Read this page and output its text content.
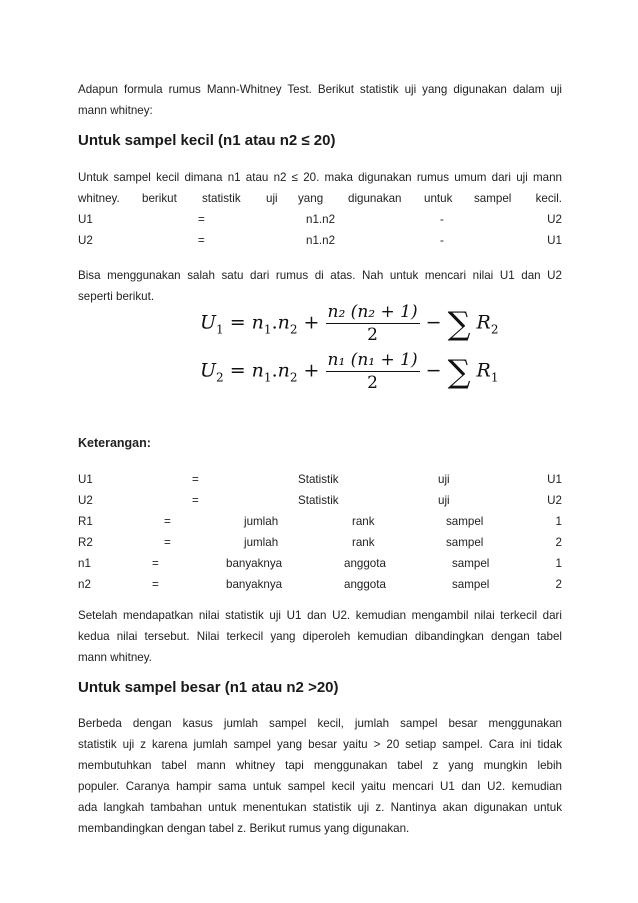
Adapun formula rumus Mann-Whitney Test. Berikut statistik uji yang digunakan dalam uji
mann whitney:
Untuk sampel kecil (n1 atau n2 ≤ 20)
Untuk sampel kecil dimana n1 atau n2 ≤ 20. maka digunakan rumus umum dari uji mann
whitney. berikut statistik uji yang digunakan untuk sampel kecil.
U1	=	n1.n2	-	U2
U2	=	n1.n2	-	U1
Bisa menggunakan salah satu dari rumus di atas. Nah untuk mencari nilai U1 dan U2
seperti berikut.
$U_1 = n_1.n_2 + \frac{\text{n₂ (n₂ + 1)}}{2}$ − ∑ $R_2$
$U_2 = n_1.n_2 + \frac{\text{n₁ (n₁ + 1)}}{2}$ − ∑ $R_1$
Keterangan:
U1	=	Statistik	uji	U1
U2	=	Statistik	uji	U2
R1	=	jumlah	rank	sampel	1
R2	=	jumlah	rank	sampel	2
n1	=	banyaknya	anggota	sampel	1
n2	=	banyaknya	anggota	sampel	2
Setelah mendapatkan nilai statistik uji U1 dan U2. kemudian mengambil nilai terkecil dari
kedua nilai tersebut. Nilai terkecil yang diperoleh kemudian dibandingkan dengan tabel
mann whitney.
Untuk sampel besar (n1 atau n2 >20)
Berbeda dengan kasus jumlah sampel kecil, jumlah sampel besar menggunakan
statistik uji z karena jumlah sampel yang besar yaitu > 20 setiap sampel. Cara ini tidak
membutuhkan tabel mann whitney tapi menggunakan tabel z yang mungkin lebih
populer. Caranya hampir sama untuk sampel kecil yaitu mencari U1 dan U2. kemudian
ada langkah tambahan untuk menentukan statistik uji z. Nantinya akan digunakan untuk
membandingkan dengan tabel z. Berikut rumus yang digunakan.
